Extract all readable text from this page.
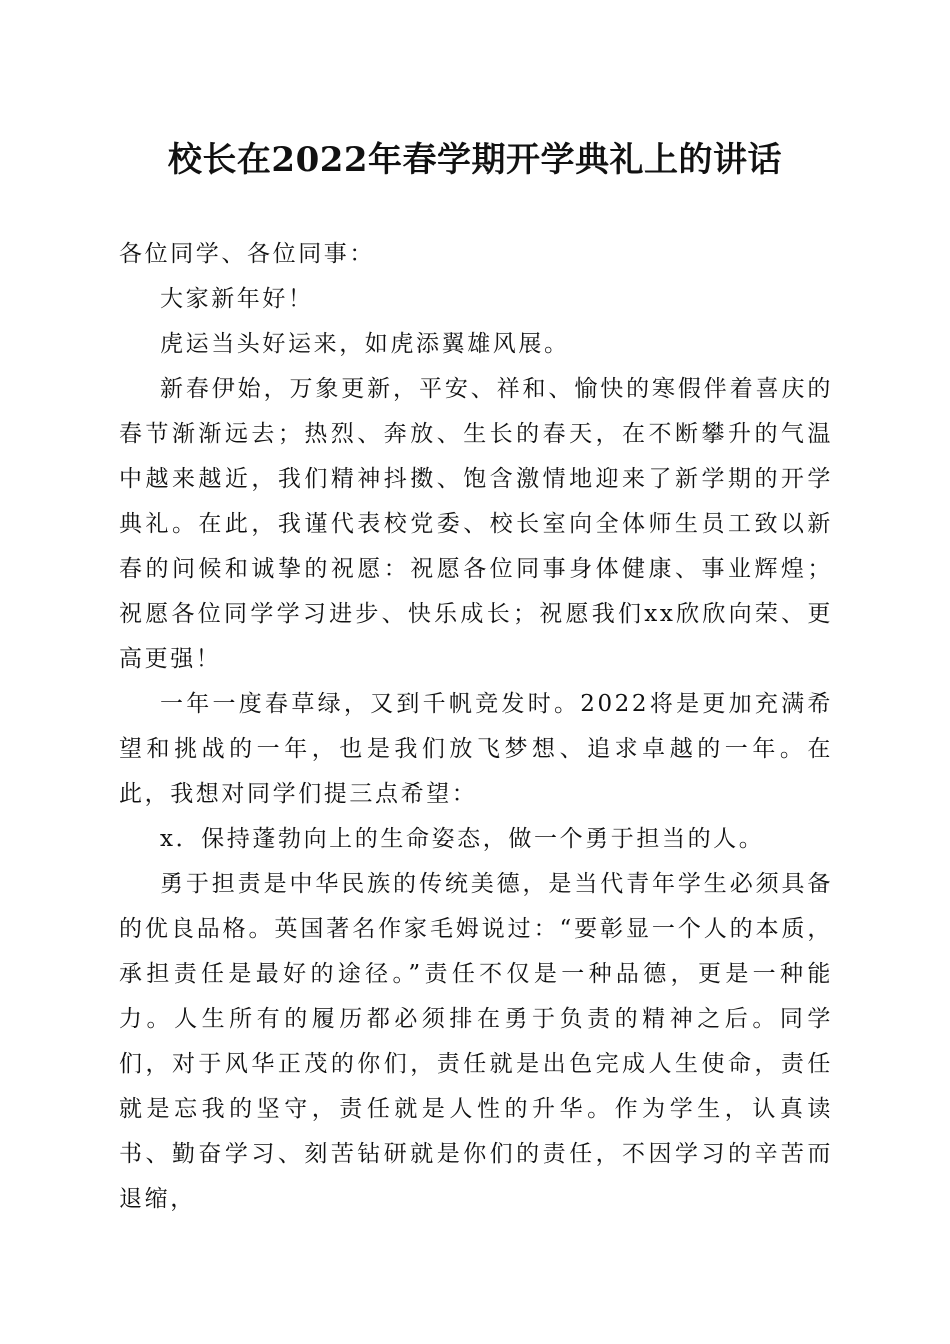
校长在2022年春学期开学典礼上的讲话

各位同学、各位同事：

大家新年好！

虎运当头好运来，如虎添翼雄风展。

新春伊始，万象更新，平安、祥和、愉快的寒假伴着喜庆的春节渐渐远去；热烈、奔放、生长的春天，在不断攀升的气温中越来越近，我们精神抖擞、饱含激情地迎来了新学期的开学典礼。在此，我谨代表校党委、校长室向全体师生员工致以新春的问候和诚挚的祝愿：祝愿各位同事身体健康、事业辉煌；祝愿各位同学学习进步、快乐成长；祝愿我们xx欣欣向荣、更高更强！

一年一度春草绿，又到千帆竞发时。2022将是更加充满希望和挑战的一年，也是我们放飞梦想、追求卓越的一年。在此，我想对同学们提三点希望：

x．保持蓬勃向上的生命姿态，做一个勇于担当的人。

勇于担责是中华民族的传统美德，是当代青年学生必须具备的优良品格。英国著名作家毛姆说过：“要彰显一个人的本质，承担责任是最好的途径。”责任不仅是一种品德，更是一种能力。人生所有的履历都必须排在勇于负责的精神之后。同学们，对于风华正茂的你们，责任就是出色完成人生使命，责任就是忘我的坚守，责任就是人性的升华。作为学生，认真读书、勤奋学习、刻苦钻研就是你们的责任，不因学习的辛苦而退缩，
